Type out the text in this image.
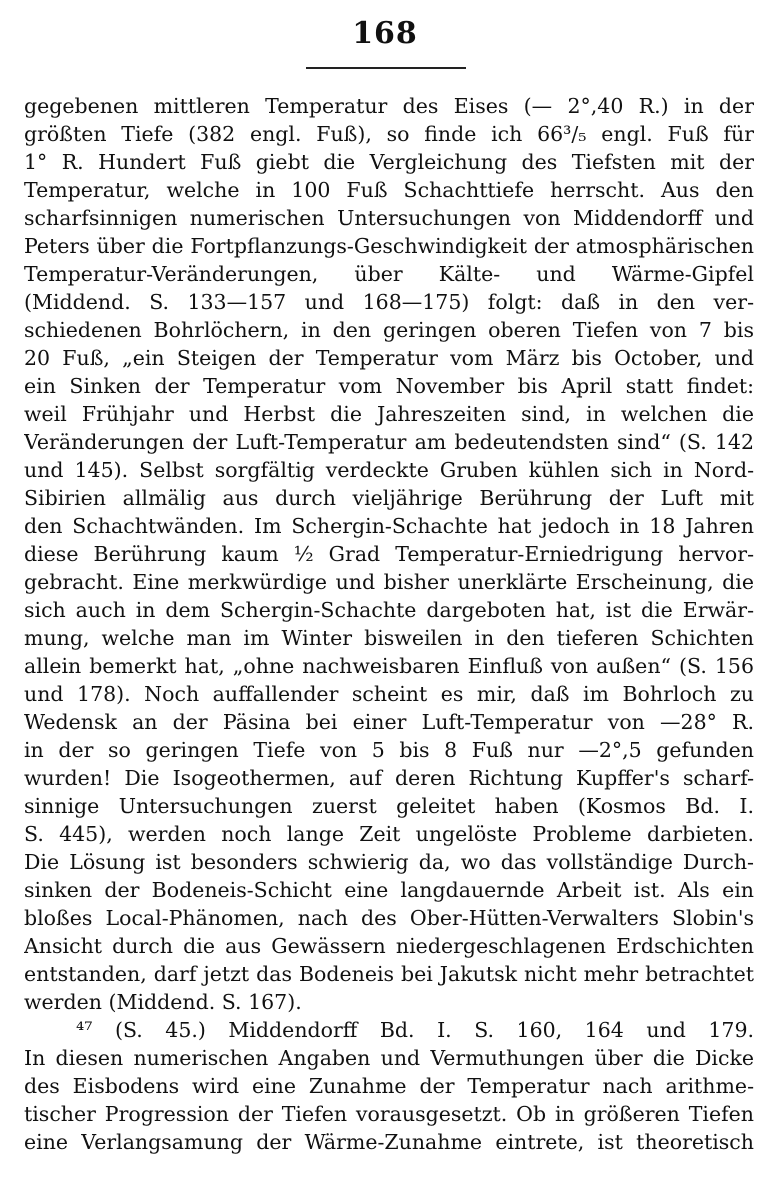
168
gegebenen mittleren Temperatur des Eises (— 2°,40 R.) in der
größten Tiefe (382 engl. Fuß), so finde ich 66³/₅ engl. Fuß für
1° R. Hundert Fuß giebt die Vergleichung des Tiefsten mit der
Temperatur, welche in 100 Fuß Schachttiefe herrscht. Aus den
scharfsinnigen numerischen Untersuchungen von Middendorff und
Peters über die Fortpflanzungs-Geschwindigkeit der atmosphärischen
Temperatur-Veränderungen, über Kälte- und Wärme-Gipfel
(Middend. S. 133—157 und 168—175) folgt: daß in den ver-
schiedenen Bohrlöchern, in den geringen oberen Tiefen von 7 bis
20 Fuß, „ein Steigen der Temperatur vom März bis October, und
ein Sinken der Temperatur vom November bis April statt findet:
weil Frühjahr und Herbst die Jahreszeiten sind, in welchen die
Veränderungen der Luft-Temperatur am bedeutendsten sind“ (S. 142
und 145). Selbst sorgfältig verdeckte Gruben kühlen sich in Nord-
Sibirien allmälig aus durch vieljährige Berührung der Luft mit
den Schachtwänden. Im Schergin-Schachte hat jedoch in 18 Jahren
diese Berührung kaum ½ Grad Temperatur-Erniedrigung hervor-
gebracht. Eine merkwürdige und bisher unerklärte Erscheinung, die
sich auch in dem Schergin-Schachte dargeboten hat, ist die Erwär-
mung, welche man im Winter bisweilen in den tieferen Schichten
allein bemerkt hat, „ohne nachweisbaren Einfluß von außen“ (S. 156
und 178). Noch auffallender scheint es mir, daß im Bohrloch zu
Wedensk an der Päsina bei einer Luft-Temperatur von —28° R.
in der so geringen Tiefe von 5 bis 8 Fuß nur —2°,5 gefunden
wurden! Die Isogeothermen, auf deren Richtung Kupffer's scharf-
sinnige Untersuchungen zuerst geleitet haben (Kosmos Bd. I.
S. 445), werden noch lange Zeit ungelöste Probleme darbieten.
Die Lösung ist besonders schwierig da, wo das vollständige Durch-
sinken der Bodeneis-Schicht eine langdauernde Arbeit ist. Als ein
bloßes Local-Phänomen, nach des Ober-Hütten-Verwalters Slobin's
Ansicht durch die aus Gewässern niedergeschlagenen Erdschichten
entstanden, darf jetzt das Bodeneis bei Jakutsk nicht mehr betrachtet
werden (Middend. S. 167).
⁴⁷ (S. 45.) Middendorff Bd. I. S. 160, 164 und 179.
In diesen numerischen Angaben und Vermuthungen über die Dicke
des Eisbodens wird eine Zunahme der Temperatur nach arithme-
tischer Progression der Tiefen vorausgesetzt. Ob in größeren Tiefen
eine Verlangsamung der Wärme-Zunahme eintrete, ist theoretisch
